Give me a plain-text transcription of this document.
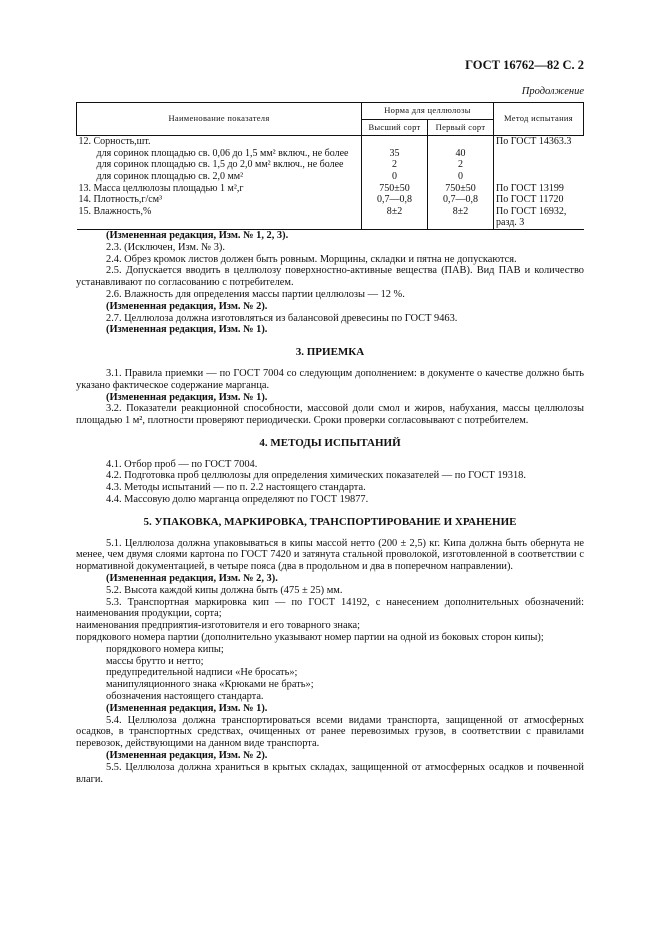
ГОСТ 16762—82 С. 2
Продолжение
Наименование показателя	Норма для целлюлозы		Метод испытания
	Высший сорт	Первый сорт	
12. Сорность,шт.			По ГОСТ 14363.3
для соринок площадью св. 0,06 до 1,5 мм² включ., не более	35	40	
для соринок площадью св. 1,5 до 2,0 мм² включ., не более	2	2	
для соринок площадью св. 2,0 мм²	0	0	
13. Масса целлюлозы площадью 1 м²,г	750±50	750±50	По ГОСТ 13199
14. Плотность,г/см³	0,7—0,8	0,7—0,8	По ГОСТ 11720
15. Влажность,%	8±2	8±2	По ГОСТ 16932, разд. 3

(Измененная редакция, Изм. № 1, 2, 3).

2.3. (Исключен, Изм. № 3).

2.4. Обрез кромок листов должен быть ровным. Морщины, складки и пятна не допускаются.

2.5. Допускается вводить в целлюлозу поверхностно-активные вещества (ПАВ). Вид ПАВ и количество устанавливают по согласованию с потребителем.

2.6. Влажность для определения массы партии целлюлозы — 12 %.

(Измененная редакция, Изм. № 2).

2.7. Целлюлоза должна изготовляться из балансовой древесины по ГОСТ 9463.

(Измененная редакция, Изм. № 1).

3. ПРИЕМКА

3.1. Правила приемки — по ГОСТ 7004 со следующим дополнением: в документе о качестве должно быть указано фактическое содержание марганца.

(Измененная редакция, Изм. № 1).

3.2. Показатели реакционной способности, массовой доли смол и жиров, набухания, массы целлюлозы площадью 1 м², плотности проверяют периодически. Сроки проверки согласовывают с потребителем.

4. МЕТОДЫ ИСПЫТАНИЙ

4.1. Отбор проб — по ГОСТ 7004.

4.2. Подготовка проб целлюлозы для определения химических показателей — по ГОСТ 19318.

4.3. Методы испытаний — по п. 2.2 настоящего стандарта.

4.4. Массовую долю марганца определяют по ГОСТ 19877.

5. УПАКОВКА, МАРКИРОВКА, ТРАНСПОРТИРОВАНИЕ И ХРАНЕНИЕ

5.1. Целлюлоза должна упаковываться в кипы массой нетто (200 ± 2,5) кг. Кипа должна быть обернута не менее, чем двумя слоями картона по ГОСТ 7420 и затянута стальной проволокой, изготовленной в соответствии с нормативной документацией, в четыре пояса (два в продольном и два в поперечном направлении).

(Измененная редакция, Изм. № 2, 3).

5.2. Высота каждой кипы должна быть (475 ± 25) мм.

5.3. Транспортная маркировка кип — по ГОСТ 14192, с нанесением дополнительных обозначений: наименования продукции, сорта;

наименования предприятия-изготовителя и его товарного знака;

порядкового номера партии (дополнительно указывают номер партии на одной из боковых сторон кипы);

порядкового номера кипы;

массы брутто и нетто;

предупредительной надписи «Не бросать»;

манипуляционного знака «Крюками не брать»;

обозначения настоящего стандарта.

(Измененная редакция, Изм. № 1).

5.4. Целлюлоза должна транспортироваться всеми видами транспорта, защищенной от атмосферных осадков, в транспортных средствах, очищенных от ранее перевозимых грузов, в соответствии с правилами перевозок, действующими на данном виде транспорта.

(Измененная редакция, Изм. № 2).

5.5. Целлюлоза должна храниться в крытых складах, защищенной от атмосферных осадков и почвенной влаги.
